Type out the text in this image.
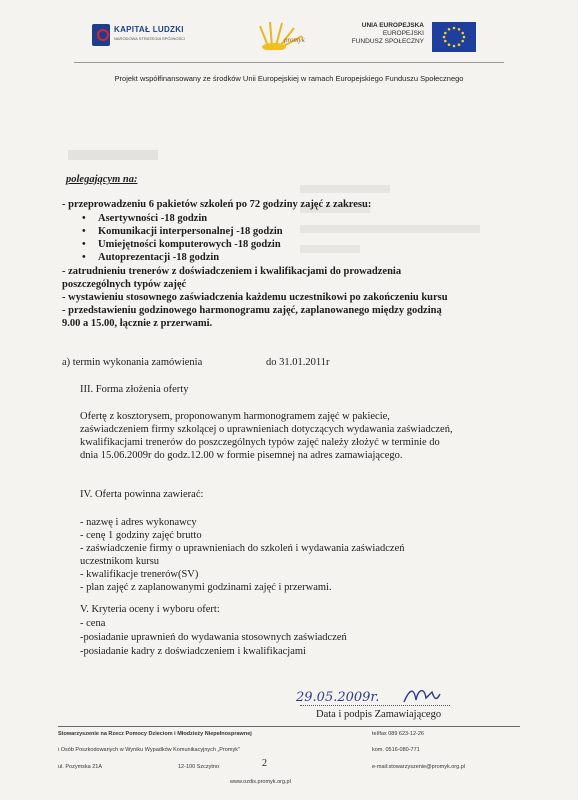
KAPITAŁ LUDZKI
NARODOWA STRATEGIA SPÓJNOŚCI	promyk
UNIA EUROPEJSKA
EUROPEJSKI
FUNDUSZ SPOŁECZNY
Projekt współfinansowany ze środków Unii Europejskiej w ramach Europejskiego Funduszu Społecznego
polegającym na:
- przeprowadzeniu 6 pakietów szkoleń po 72 godziny zajęć z zakresu:
• Asertywności -18 godzin
• Komunikacji interpersonalnej -18 godzin
• Umiejętności komputerowych -18 godzin
• Autoprezentacji -18 godzin
- zatrudnieniu trenerów z doświadczeniem i kwalifikacjami do prowadzenia
poszczególnych typów zajęć
- wystawieniu stosownego zaświadczenia każdemu uczestnikowi po zakończeniu kursu
- przedstawieniu godzinowego harmonogramu zajęć, zaplanowanego między godziną
9.00 a 15.00, łącznie z przerwami.
a) termin wykonania zamówienia	do 31.01.2011r
III. Forma złożenia oferty
Ofertę z kosztorysem, proponowanym harmonogramem zajęć w pakiecie,
zaświadczeniem firmy szkolącej o uprawnieniach dotyczących wydawania zaświadczeń,
kwalifikacjami trenerów do poszczególnych typów zajęć należy złożyć w terminie do
dnia 15.06.2009r do godz.12.00 w formie pisemnej na adres zamawiającego.
IV. Oferta powinna zawierać:
- nazwę i adres wykonawcy
- cenę 1 godziny zajęć brutto
- zaświadczenie firmy o uprawnieniach do szkoleń i wydawania zaświadczeń
uczestnikom kursu
- kwalifikacje trenerów(SV)
- plan zajęć z zaplanowanymi godzinami zajęć i przerwami.
V. Kryteria oceny i wyboru ofert:
- cena
-posiadanie uprawnień do wydawania stosownych zaświadczeń
-posiadanie kadry z doświadczeniem i kwalifikacjami
29.05.2009r.
Data i podpis Zamawiającego
Stowarzyszenie na Rzecz Pomocy Dzieciom i Młodzieży Niepełnosprawnej
i Osób Poszkodowanych w Wyniku Wypadków Komunikacyjnych „Promyk”
ul. Pozymska 21A	12-100 Szczytno	2
www.ozdis.promyk.org.pl
tel/fax 089 623-12-26
kom. 0516-080-771
e-mail:stowarzyszenie@promyk.org.pl
